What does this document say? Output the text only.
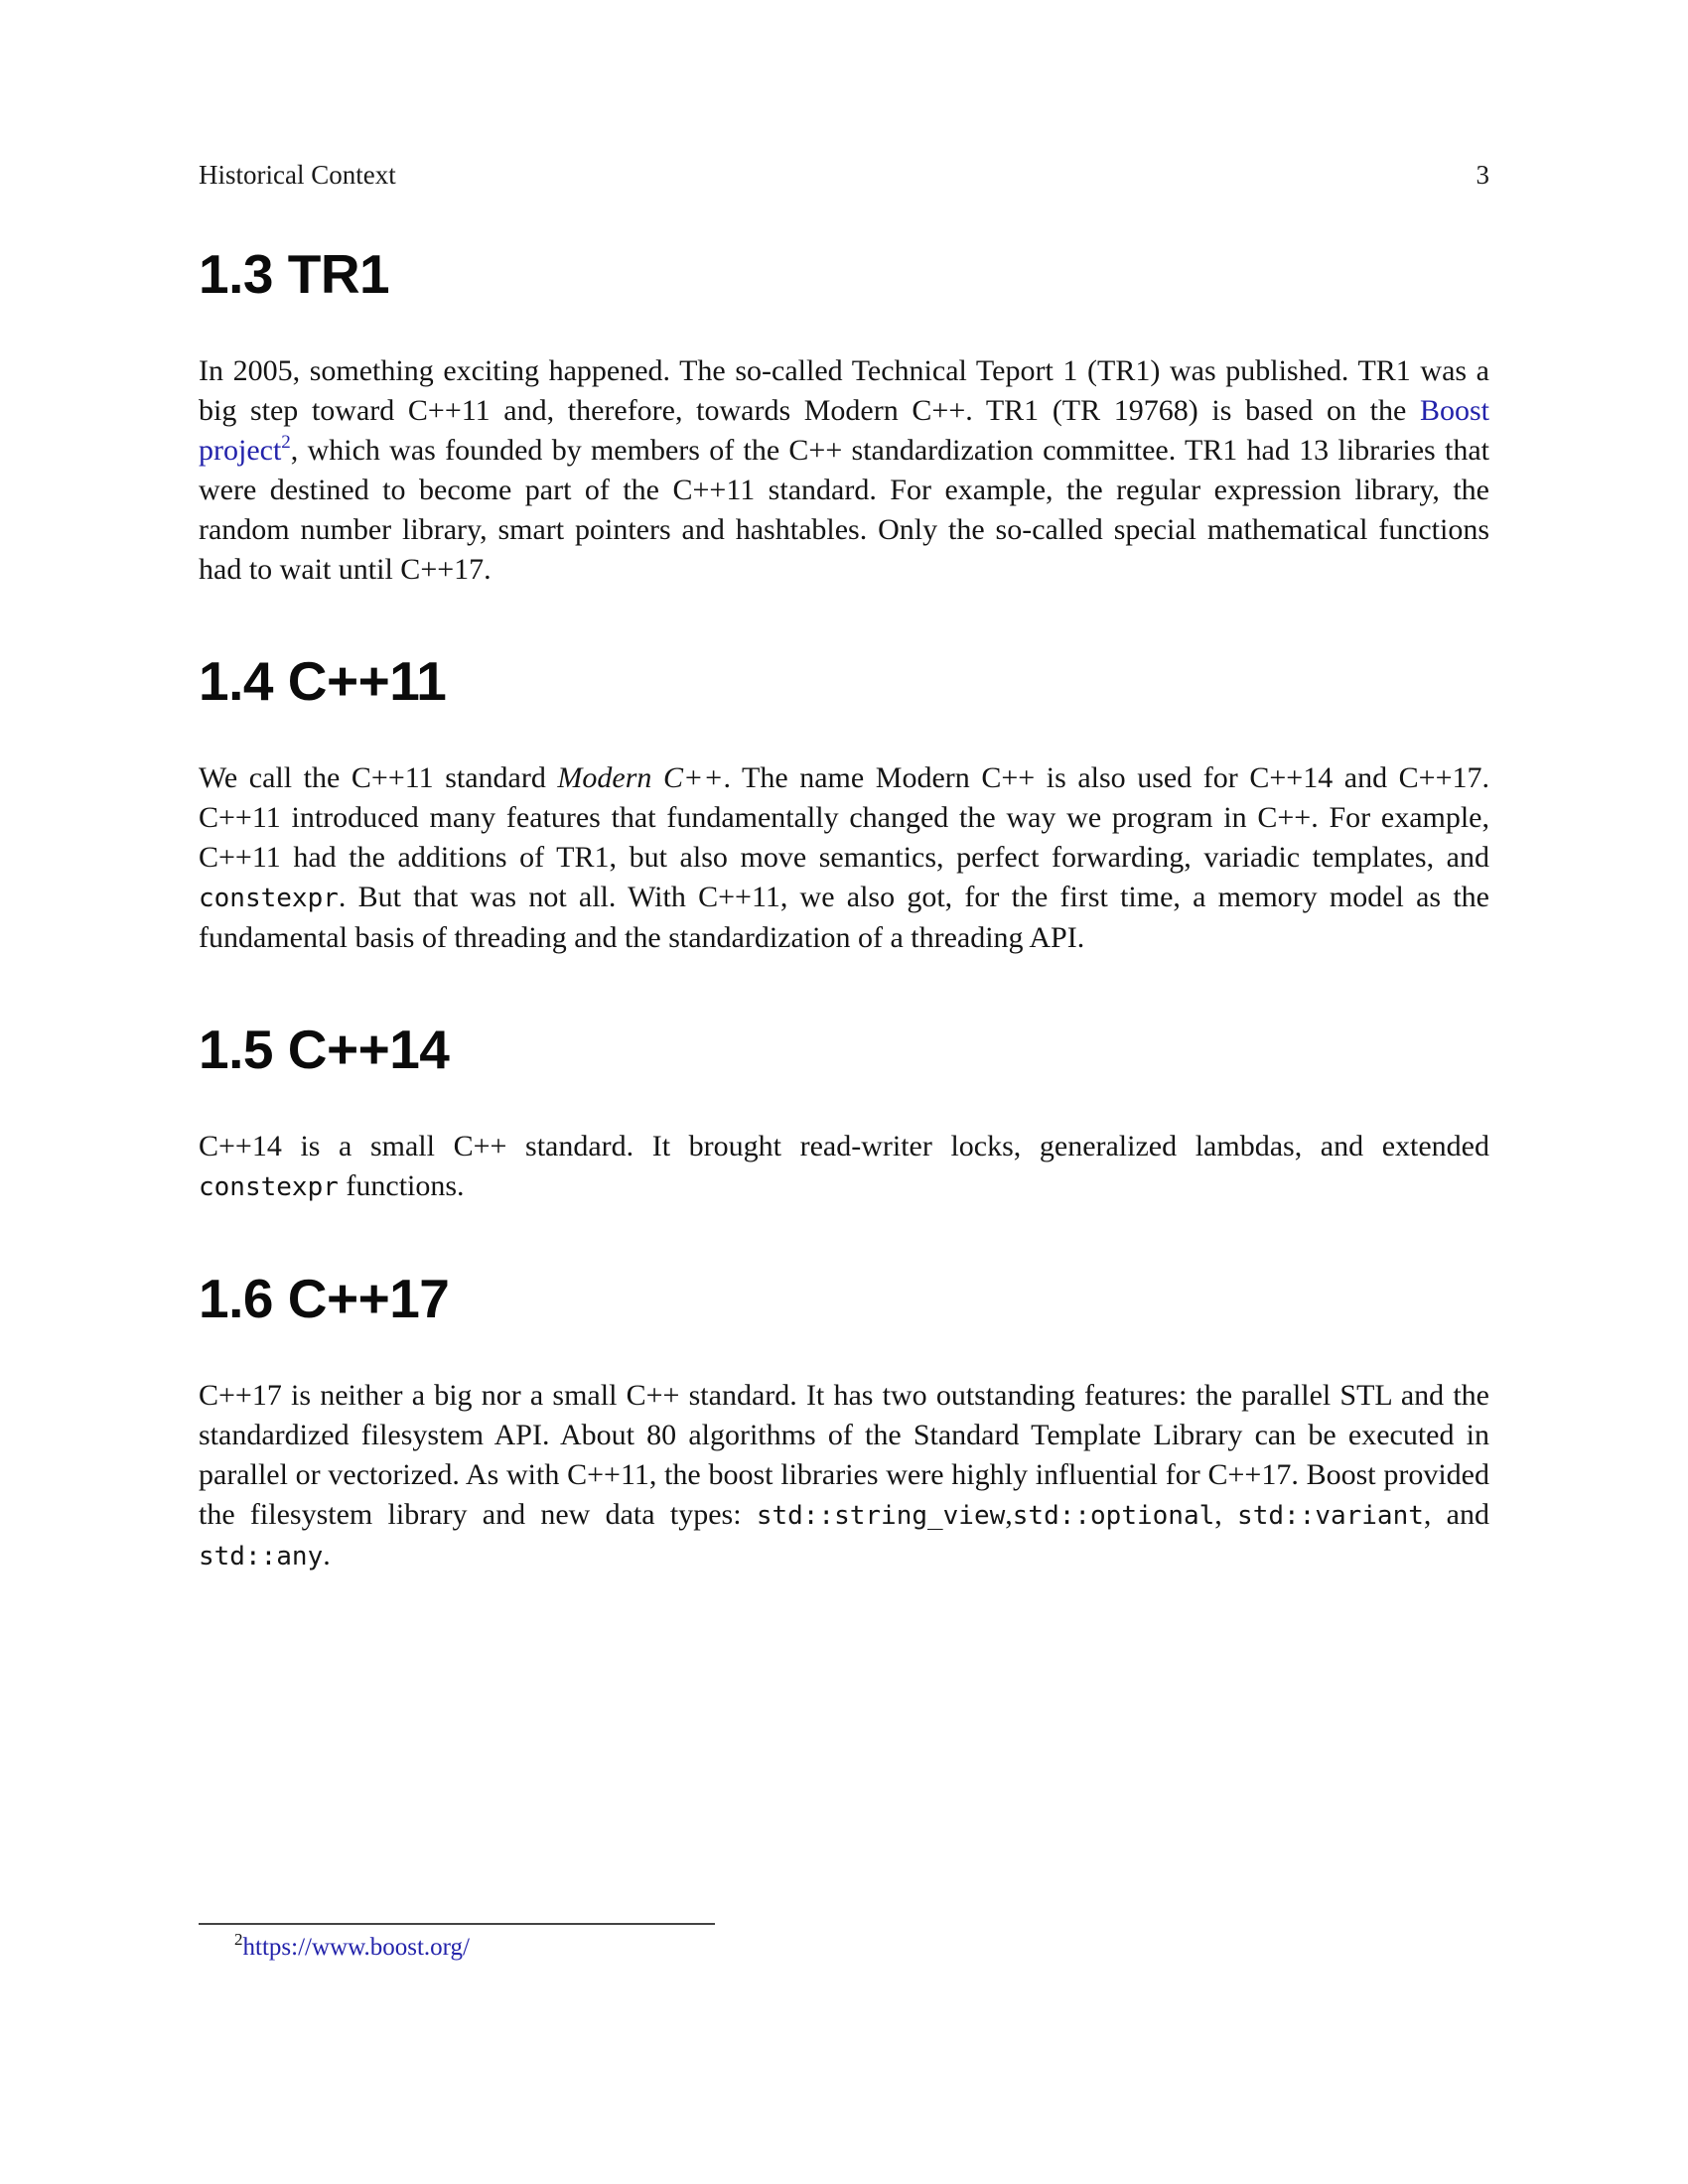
Historical Context	3
1.3 TR1

In 2005, something exciting happened. The so-called Technical Teport 1 (TR1) was published. TR1 was a big step toward C++11 and, therefore, towards Modern C++. TR1 (TR 19768) is based on the Boost project$^2$, which was founded by members of the C++ standardization committee. TR1 had 13 libraries that were destined to become part of the C++11 standard. For example, the regular expression library, the random number library, smart pointers and hashtables. Only the so-called special mathematical functions had to wait until C++17.

1.4 C++11

We call the C++11 standard Modern C++. The name Modern C++ is also used for C++14 and C++17. C++11 introduced many features that fundamentally changed the way we program in C++. For example, C++11 had the additions of TR1, but also move semantics, perfect forwarding, variadic templates, and constexpr. But that was not all. With C++11, we also got, for the first time, a memory model as the fundamental basis of threading and the standardization of a threading API.

1.5 C++14

C++14 is a small C++ standard. It brought read-writer locks, generalized lambdas, and extended constexpr functions.

1.6 C++17

C++17 is neither a big nor a small C++ standard. It has two outstanding features: the parallel STL and the standardized filesystem API. About 80 algorithms of the Standard Template Library can be executed in parallel or vectorized. As with C++11, the boost libraries were highly influential for C++17. Boost provided the filesystem library and new data types: std::string_view,std::optional, std::variant, and std::any.

$^2$https://www.boost.org/
